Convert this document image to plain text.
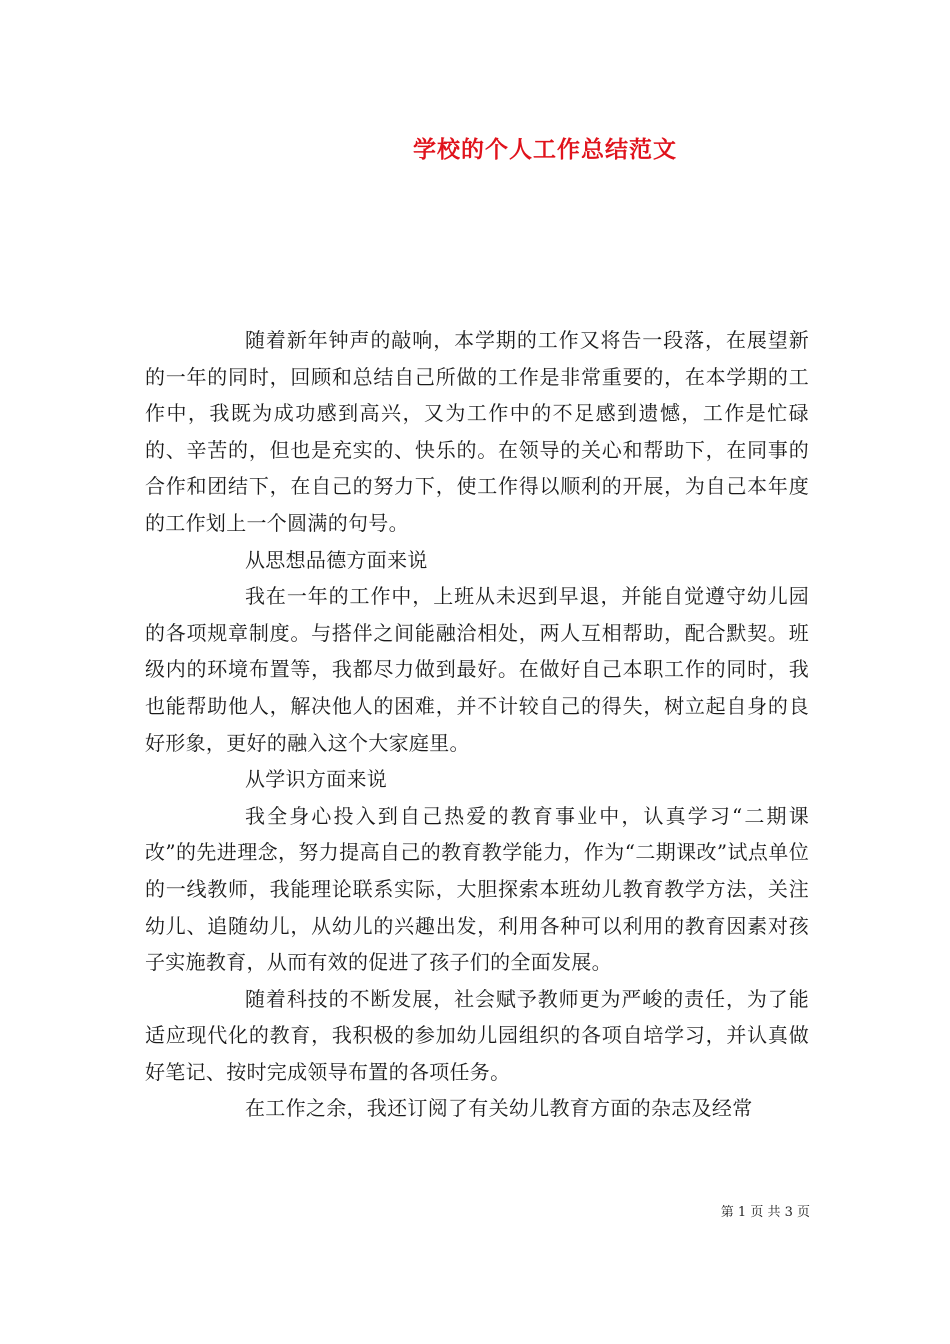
学校的个人工作总结范文

随着新年钟声的敲响，本学期的工作又将告一段落，在展望新的一年的同时，回顾和总结自己所做的工作是非常重要的，在本学期的工作中，我既为成功感到高兴，又为工作中的不足感到遗憾，工作是忙碌的、辛苦的，但也是充实的、快乐的。在领导的关心和帮助下，在同事的合作和团结下，在自己的努力下，使工作得以顺利的开展，为自己本年度的工作划上一个圆满的句号。

从思想品德方面来说

我在一年的工作中，上班从未迟到早退，并能自觉遵守幼儿园的各项规章制度。与搭伴之间能融洽相处，两人互相帮助，配合默契。班级内的环境布置等，我都尽力做到最好。在做好自己本职工作的同时，我也能帮助他人，解决他人的困难，并不计较自己的得失，树立起自身的良好形象，更好的融入这个大家庭里。

从学识方面来说

我全身心投入到自己热爱的教育事业中，认真学习“二期课改”的先进理念，努力提高自己的教育教学能力，作为“二期课改”试点单位的一线教师，我能理论联系实际，大胆探索本班幼儿教育教学方法，关注幼儿、追随幼儿，从幼儿的兴趣出发，利用各种可以利用的教育因素对孩子实施教育，从而有效的促进了孩子们的全面发展。

随着科技的不断发展，社会赋予教师更为严峻的责任，为了能适应现代化的教育，我积极的参加幼儿园组织的各项自培学习，并认真做好笔记、按时完成领导布置的各项任务。

在工作之余，我还订阅了有关幼儿教育方面的杂志及经常

第 1 页 共 3 页
